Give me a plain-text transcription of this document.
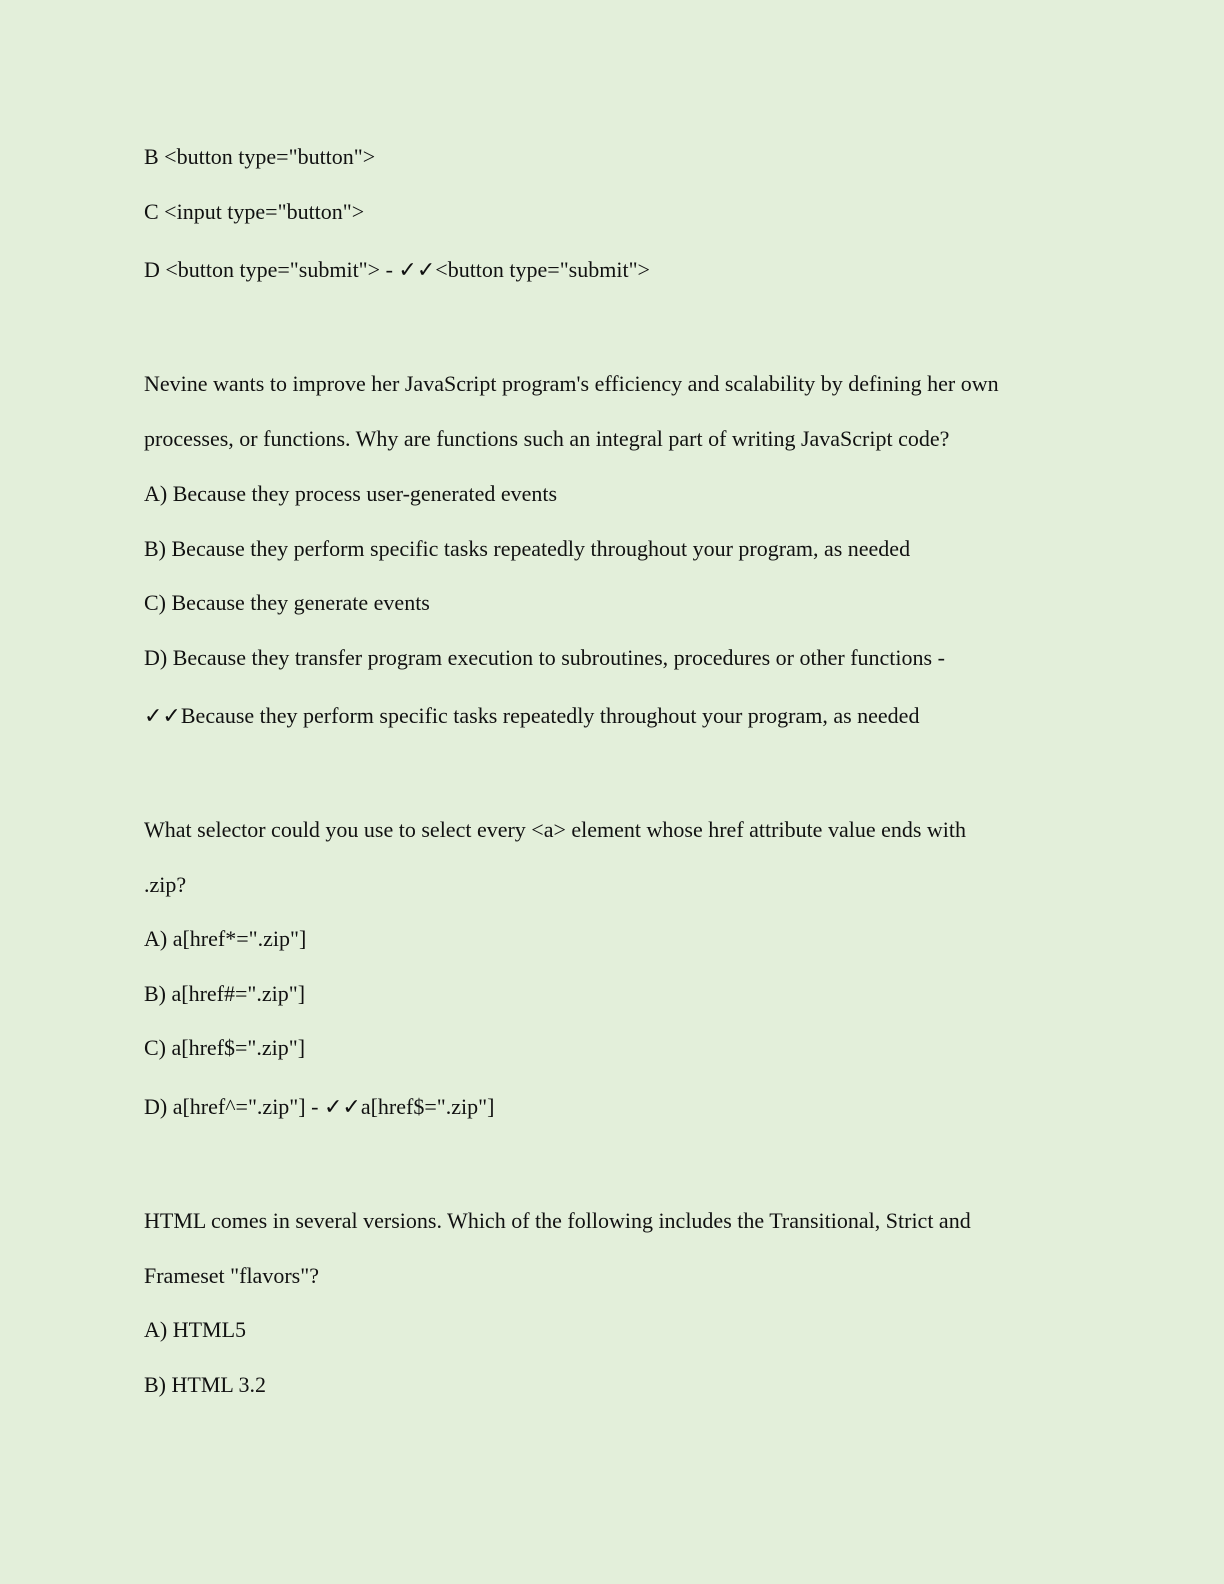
B <button type="button">
C <input type="button">
D <button type="submit"> - ✓✓<button type="submit">
Nevine wants to improve her JavaScript program's efficiency and scalability by defining her own
processes, or functions. Why are functions such an integral part of writing JavaScript code?
A) Because they process user-generated events
B) Because they perform specific tasks repeatedly throughout your program, as needed
C) Because they generate events
D) Because they transfer program execution to subroutines, procedures or other functions -
✓✓Because they perform specific tasks repeatedly throughout your program, as needed
What selector could you use to select every <a> element whose href attribute value ends with
.zip?
A) a[href*=".zip"]
B) a[href#=".zip"]
C) a[href$=".zip"]
D) a[href^=".zip"] - ✓✓a[href$=".zip"]
HTML comes in several versions. Which of the following includes the Transitional, Strict and
Frameset "flavors"?
A) HTML5
B) HTML 3.2
